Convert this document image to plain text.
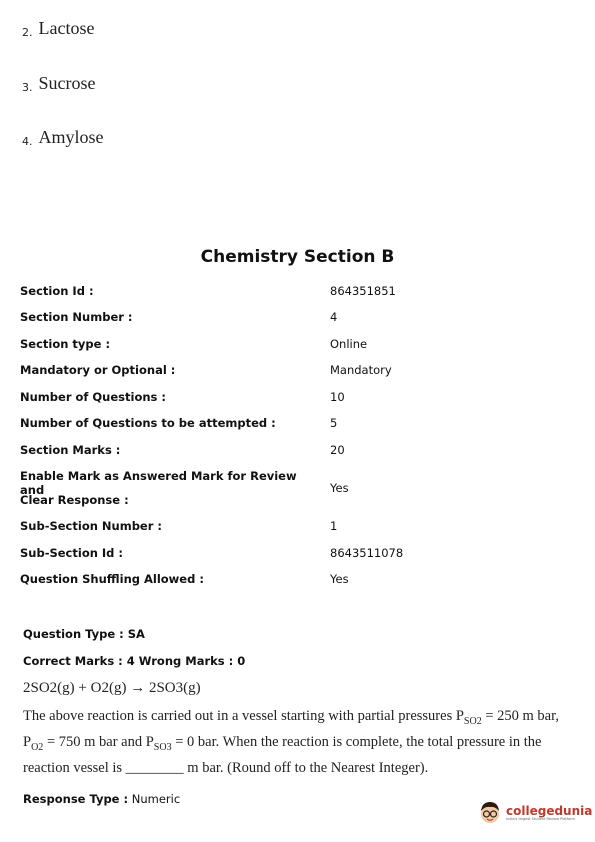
2. Lactose
3. Sucrose
4. Amylose
Chemistry Section B
Section Id :	864351851
Section Number :	4
Section type :	Online
Mandatory or Optional :	Mandatory
Number of Questions :	10
Number of Questions to be attempted :	5
Section Marks :	20
Enable Mark as Answered Mark for Review and	Yes
Clear Response :
Sub-Section Number :	1
Sub-Section Id :	8643511078
Question Shuffling Allowed :	Yes
Question Type : SA
Correct Marks : 4 Wrong Marks : 0
2SO2(g) + O2(g) → 2SO3(g)
The above reaction is carried out in a vessel starting with partial pressures $P_{SO2} = 250$ m bar,
$P_{O2} = 750$ m bar and $P_{SO3} = 0$ bar. When the reaction is complete, the total pressure in the
reaction vessel is ________ m bar. (Round off to the Nearest Integer).
Response Type : Numeric
collegedunia
India's largest Student Review Platform
